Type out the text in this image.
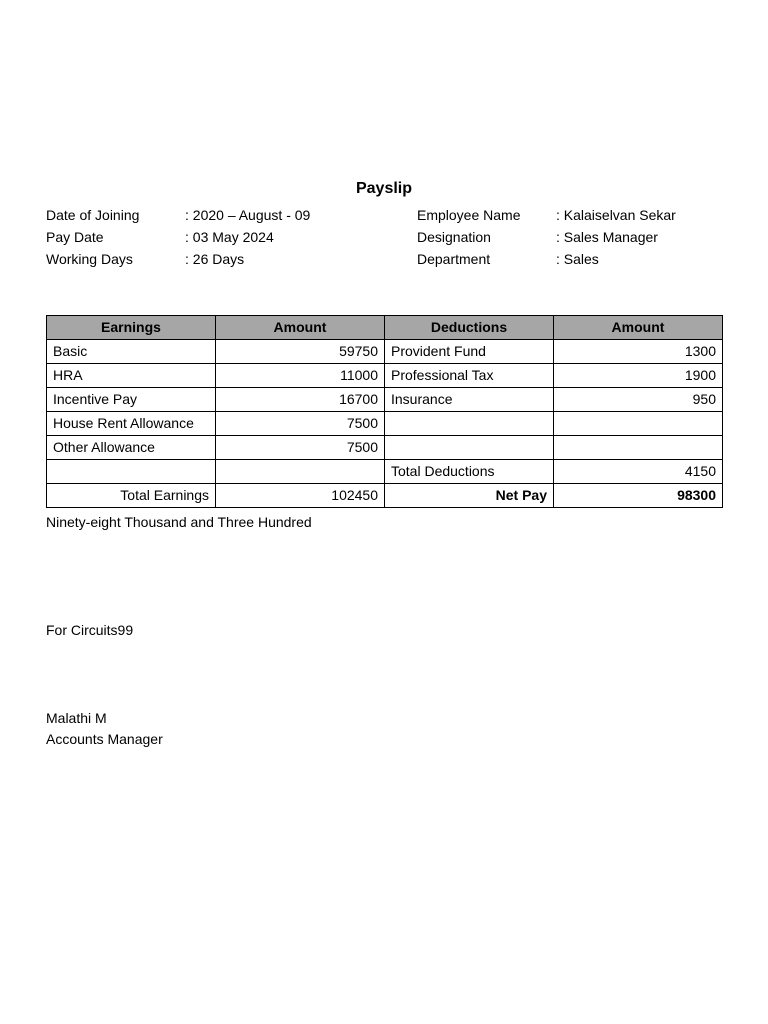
Payslip
Date of Joining	: 2020 – August - 09	Employee Name	: Kalaiselvan Sekar
Pay Date	: 03 May 2024	Designation	: Sales Manager
Working Days	: 26 Days	Department	: Sales
Earnings	Amount	Deductions	Amount
Basic	59750	Provident Fund	1300
HRA	11000	Professional Tax	1900
Incentive Pay	16700	Insurance	950
House Rent Allowance	7500		
Other Allowance	7500		
		Total Deductions	4150
Total Earnings	102450	Net Pay	98300
Ninety-eight Thousand and Three Hundred
For Circuits99
Malathi M
Accounts Manager
